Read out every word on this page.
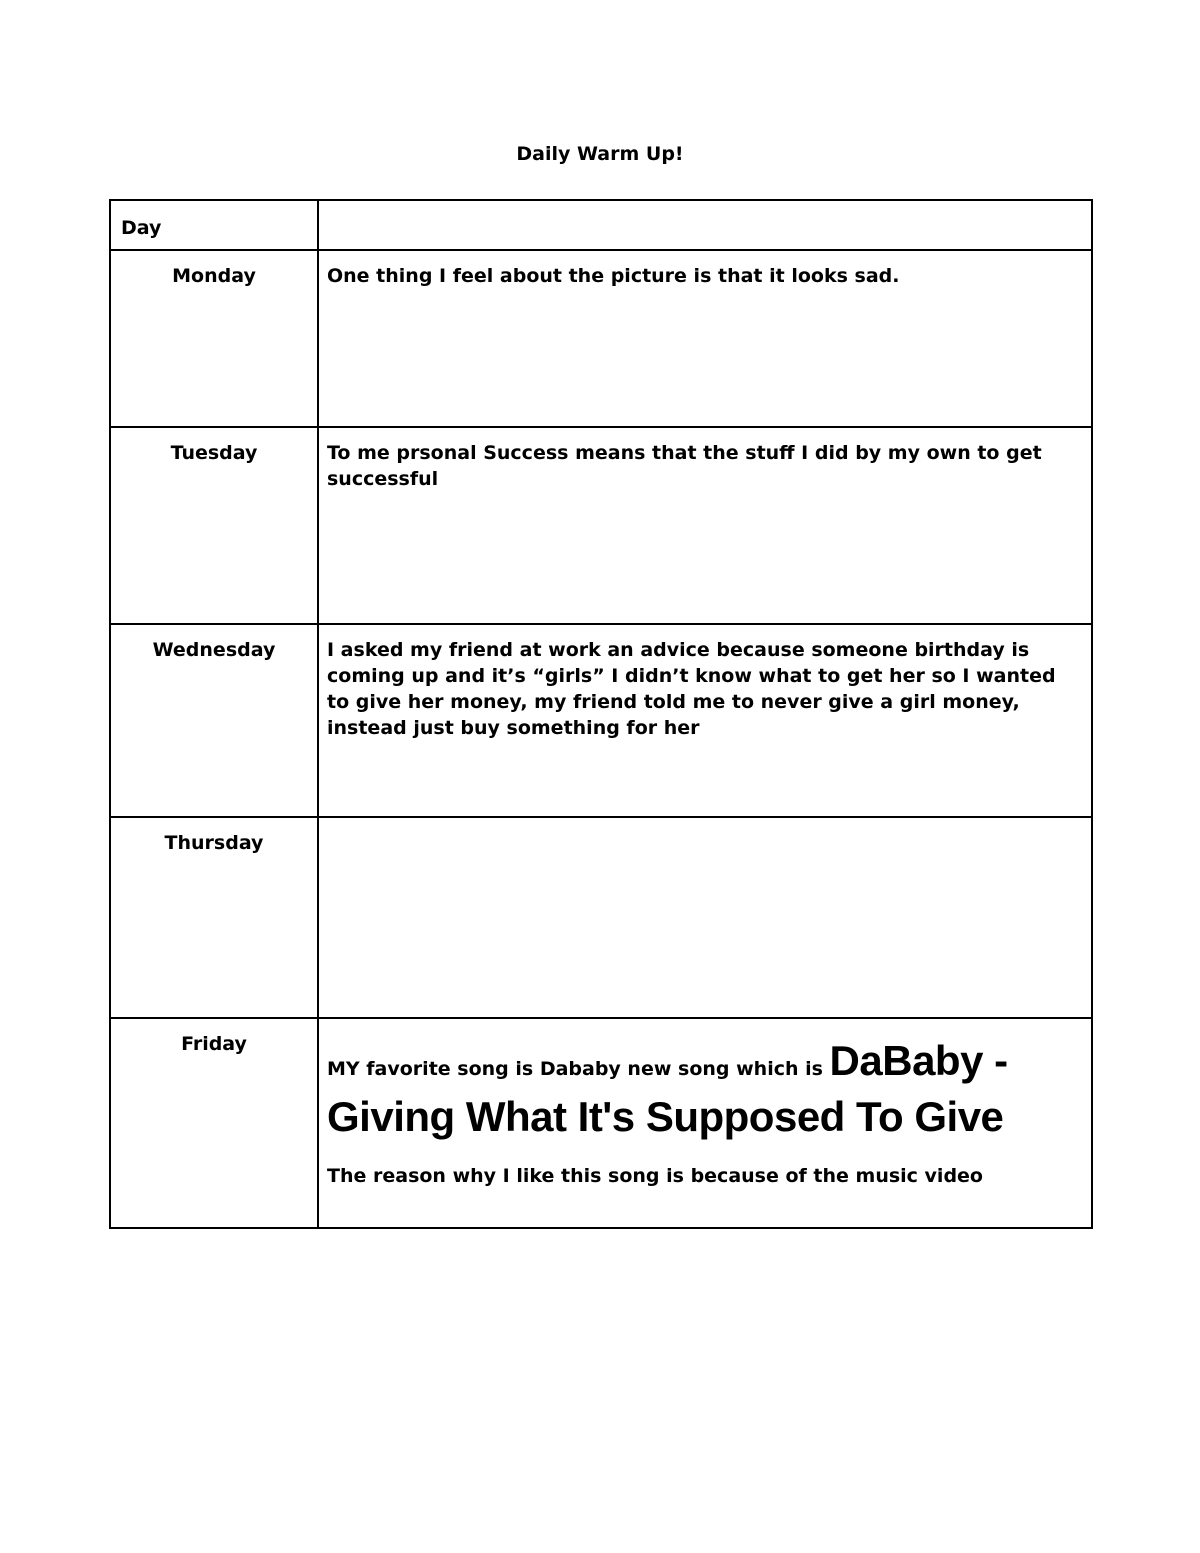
Daily Warm Up!
Day	
Monday	One thing I feel about the picture is that it looks sad.
Tuesday	To me prsonal Success means that the stuff I did by my own to get successful
Wednesday	I asked my friend at work an advice because someone birthday is coming up and it’s “girls” I didn’t know what to get her so I wanted to give her money, my friend told me to never give a girl money, instead just buy something for her
Thursday	
Friday	MY favorite song is Dababy new song which is DaBaby - Giving What It's Supposed To Give
The reason why I like this song is because of the music video
